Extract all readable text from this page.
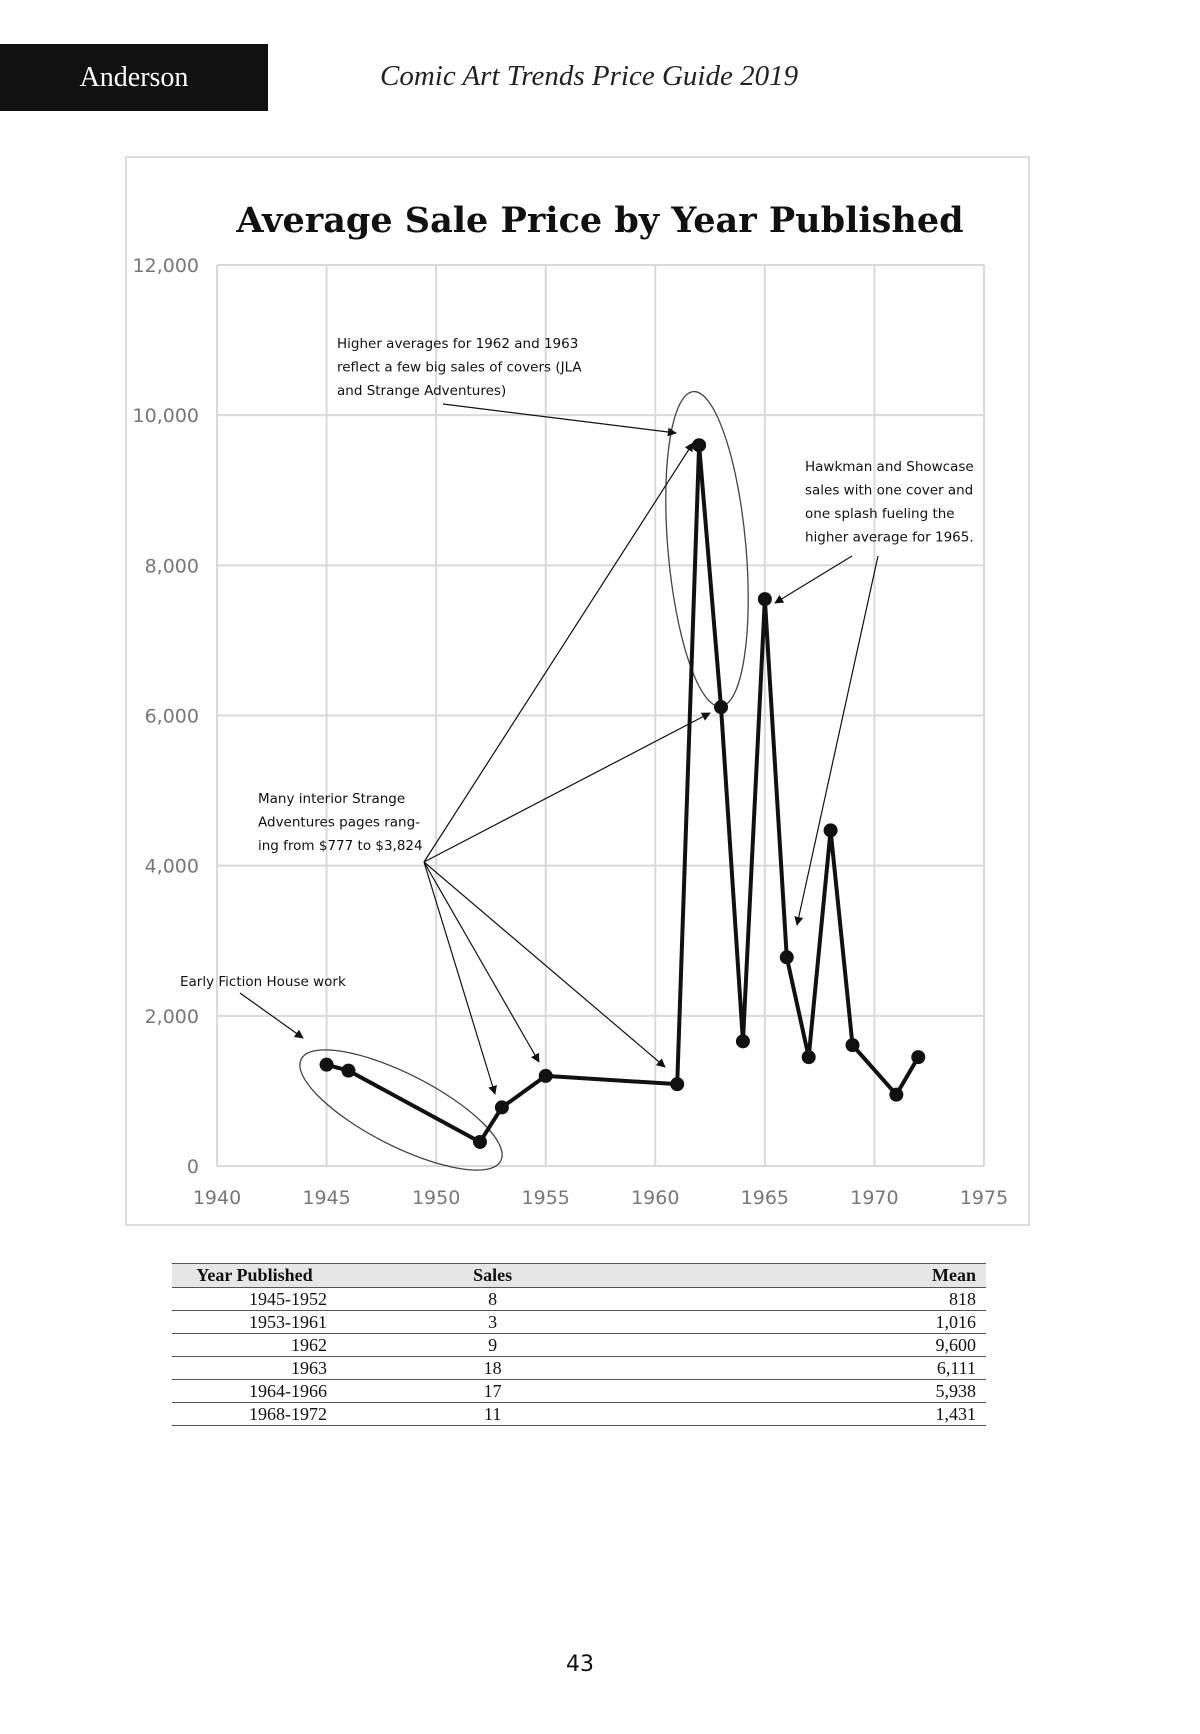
Anderson	Comic Art Trends Price Guide 2019
Average Sale Price by Year Published
0
2,000
4,000
6,000
8,000
10,000
12,000
1940	1945	1950	1955	1960	1965	1970	1975
Early Fiction House work
Many interior Strange Adventures pages rang-ing from $777 to $3,824
Higher averages for 1962 and 1963 reflect a few big sales of covers (JLA and Strange Adventures)
Hawkman and Showcase sales with one cover and one splash fueling the higher average for 1965.
Year Published	Sales	Mean
1945-1952	8	818
1953-1961	3	1,016
1962	9	9,600
1963	18	6,111
1964-1966	17	5,938
1968-1972	11	1,431
43
